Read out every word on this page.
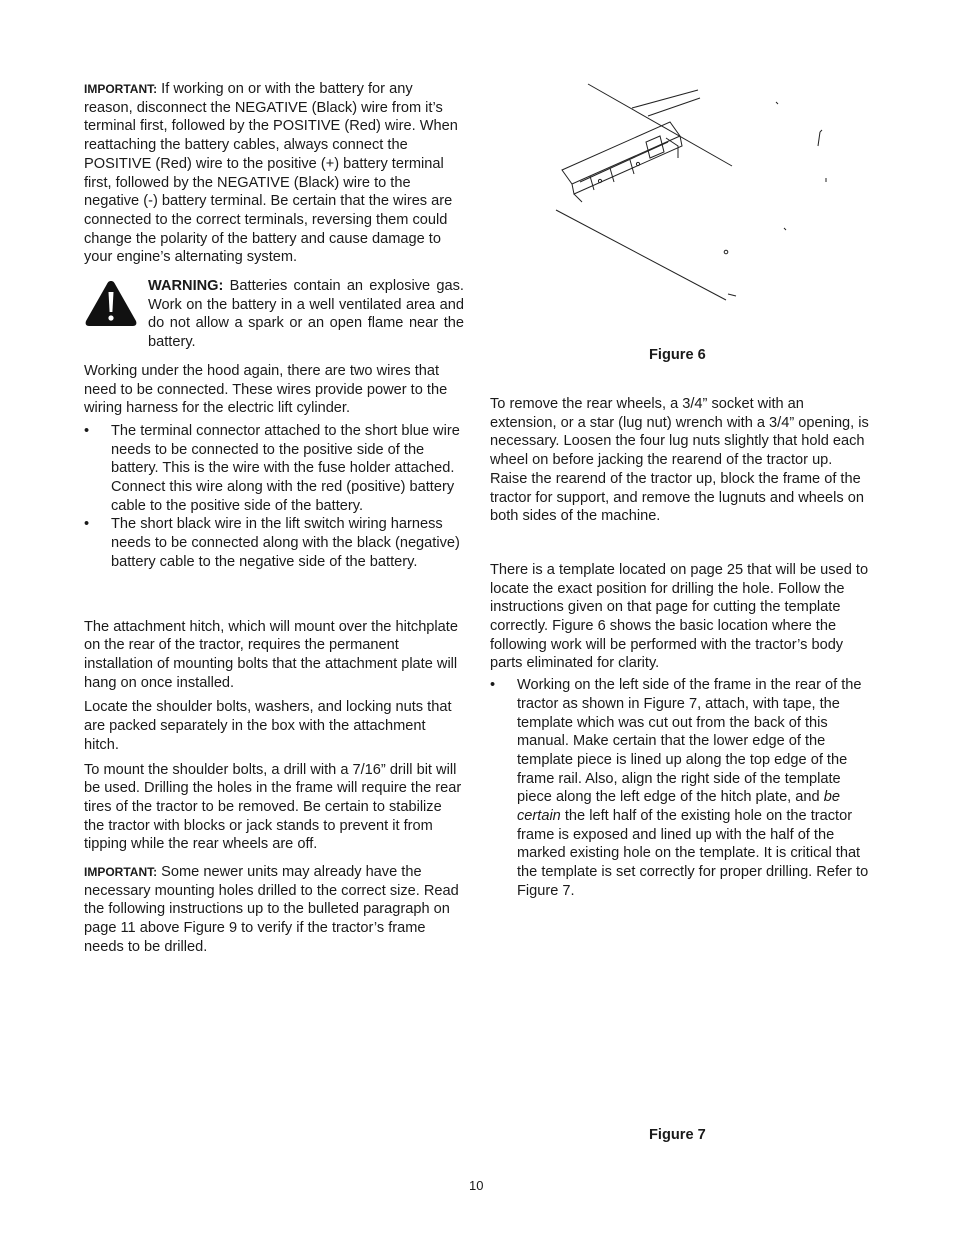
IMPORTANT: If working on or with the battery for any reason, disconnect the NEGATIVE (Black) wire from it’s terminal first, followed by the POSITIVE (Red) wire. When reattaching the battery cables, always connect the POSITIVE (Red) wire to the positive (+) battery terminal first, followed by the NEGATIVE (Black) wire to the negative (-) battery terminal. Be certain that the wires are connected to the correct terminals, reversing them could change the polarity of the battery and cause damage to your engine’s alternating system.

WARNING: Batteries contain an explosive gas. Work on the battery in a well ventilated area and do not allow a spark or an open flame near the battery.

Working under the hood again, there are two wires that need to be connected. These wires provide power to the wiring harness for the electric lift cylinder.

• The terminal connector attached to the short blue wire needs to be connected to the positive side of the battery. This is the wire with the fuse holder attached. Connect this wire along with the red (positive) battery cable to the positive side of the battery.
• The short black wire in the lift switch wiring harness needs to be connected along with the black (negative) battery cable to the negative side of the battery.

The attachment hitch, which will mount over the hitchplate on the rear of the tractor, requires the permanent installation of mounting bolts that the attachment plate will hang on once installed.

Locate the shoulder bolts, washers, and locking nuts that are packed separately in the box with the attachment hitch.

To mount the shoulder bolts, a drill with a 7/16” drill bit will be used. Drilling the holes in the frame will require the rear tires of the tractor to be removed. Be certain to stabilize the tractor with blocks or jack stands to prevent it from tipping while the rear wheels are off.

IMPORTANT: Some newer units may already have the necessary mounting holes drilled to the correct size. Read the following instructions up to the bulleted paragraph on page 11 above Figure 9 to verify if the tractor’s frame needs to be drilled.

Figure 6

To remove the rear wheels, a 3/4” socket with an extension, or a star (lug nut) wrench with a 3/4” opening, is necessary. Loosen the four lug nuts slightly that hold each wheel on before jacking the rearend of the tractor up. Raise the rearend of the tractor up, block the frame of the tractor for support, and remove the lugnuts and wheels on both sides of the machine.

There is a template located on page 25 that will be used to locate the exact position for drilling the hole. Follow the instructions given on that page for cutting the template correctly. Figure 6 shows the basic location where the following work will be performed with the tractor’s body parts eliminated for clarity.

• Working on the left side of the frame in the rear of the tractor as shown in Figure 7, attach, with tape, the template which was cut out from the back of this manual. Make certain that the lower edge of the template piece is lined up along the top edge of the frame rail. Also, align the right side of the template piece along the left edge of the hitch plate, and be certain the left half of the existing hole on the tractor frame is exposed and lined up with the half of the marked existing hole on the template. It is critical that the template is set correctly for proper drilling. Refer to Figure 7.
Figure 7
10
